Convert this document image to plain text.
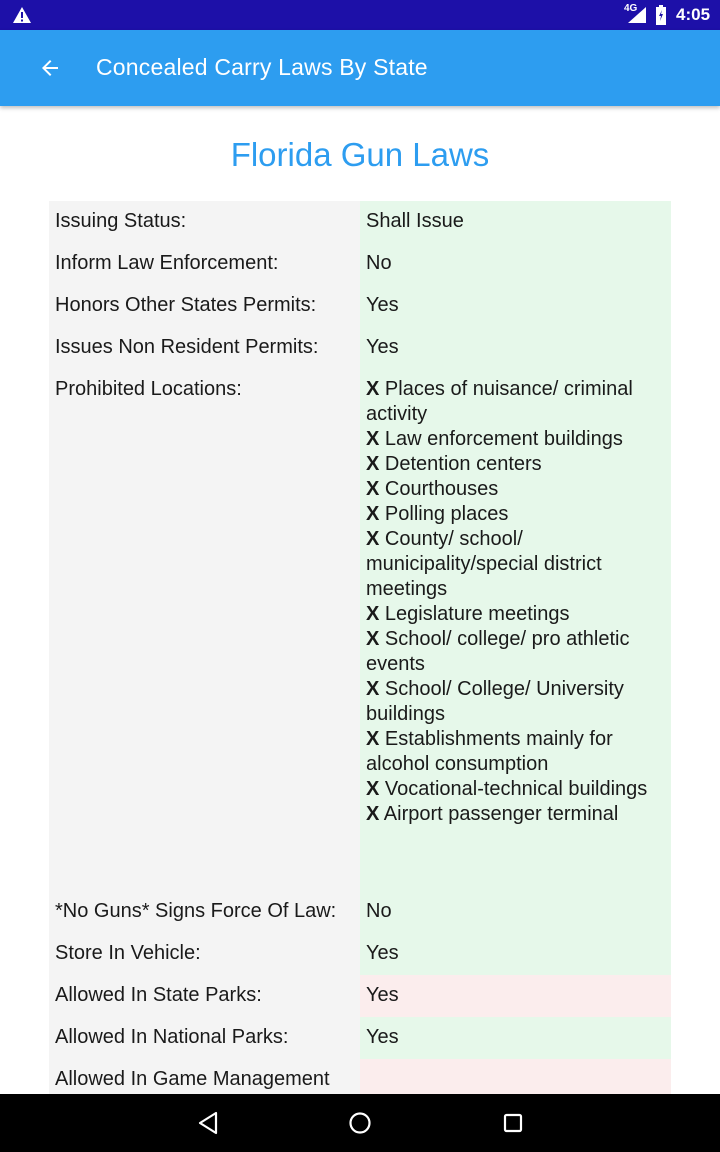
4G 4:05
Concealed Carry Laws By State
Florida Gun Laws
Issuing Status:	Shall Issue
Inform Law Enforcement:	No
Honors Other States Permits:	Yes
Issues Non Resident Permits:	Yes
Prohibited Locations:	X Places of nuisance/ criminal activity
X Law enforcement buildings
X Detention centers
X Courthouses
X Polling places
X County/ school/ municipality/special district meetings
X Legislature meetings
X School/ college/ pro athletic events
X School/ College/ University buildings
X Establishments mainly for alcohol consumption
X Vocational-technical buildings
X Airport passenger terminal
*No Guns* Signs Force Of Law:	No
Store In Vehicle:	Yes
Allowed In State Parks:	Yes
Allowed In National Parks:	Yes
Allowed In Game Management
